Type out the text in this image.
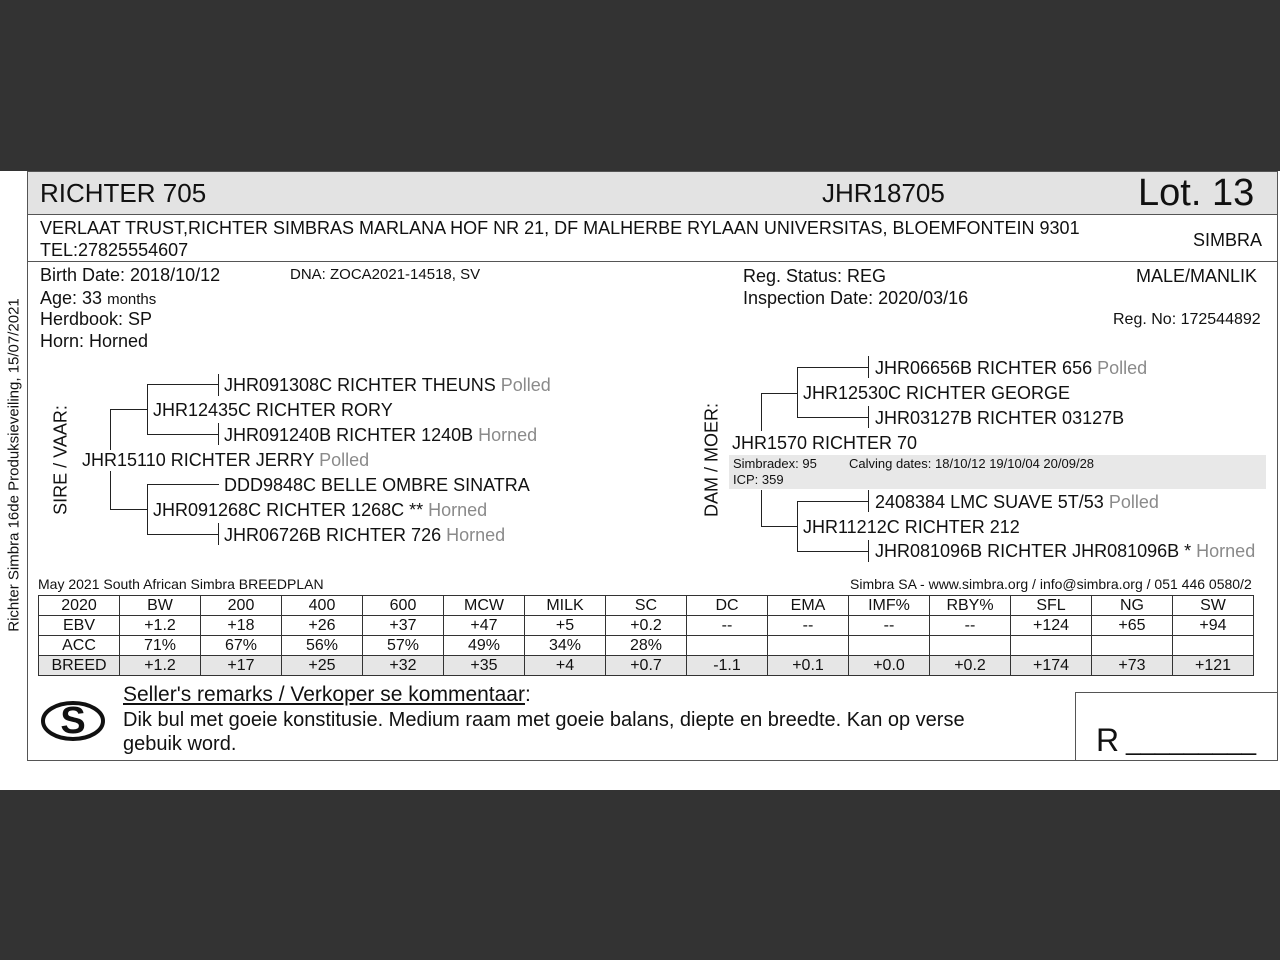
Richter Simbra 16de Produksieveiling, 15/07/2021
RICHTER 705	JHR18705	Lot. 13
VERLAAT TRUST,RICHTER SIMBRAS MARLANA HOF NR 21, DF MALHERBE RYLAAN UNIVERSITAS, BLOEMFONTEIN 9301
TEL:27825554607	SIMBRA
Birth Date: 2018/10/12	DNA: ZOCA2021-14518, SV
Age: 33 months
Herdbook: SP
Horn: Horned
Reg. Status: REG
Inspection Date: 2020/03/16
MALE/MANLIK
Reg. No: 172544892
SIRE / VAAR:
JHR091308C RICHTER THEUNS Polled
JHR12435C RICHTER RORY
JHR091240B RICHTER 1240B Horned
JHR15110 RICHTER JERRY Polled
DDD9848C BELLE OMBRE SINATRA
JHR091268C RICHTER 1268C ** Horned
JHR06726B RICHTER 726 Horned
DAM / MOER:
JHR06656B RICHTER 656 Polled
JHR12530C RICHTER GEORGE
JHR03127B RICHTER 03127B
JHR1570 RICHTER 70
Simbradex: 95 Calving dates: 18/10/12 19/10/04 20/09/28
ICP: 359
2408384 LMC SUAVE 5T/53 Polled
JHR11212C RICHTER 212
JHR081096B RICHTER JHR081096B * Horned
May 2021 South African Simbra BREEDPLAN	Simbra SA - www.simbra.org / info@simbra.org / 051 446 0580/2
2020	BW	200	400	600	MCW	MILK	SC	DC	EMA	IMF%	RBY%	SFL	NG	SW
EBV	+1.2	+18	+26	+37	+47	+5	+0.2	--	--	--	--	+124	+65	+94
ACC	71%	67%	56%	57%	49%	34%	28%							
BREED	+1.2	+17	+25	+32	+35	+4	+0.7	-1.1	+0.1	+0.0	+0.2	+174	+73	+121
S
Seller's remarks / Verkoper se kommentaar:
Dik bul met goeie konstitusie. Medium raam met goeie balans, diepte en breedte. Kan op verse
gebuik word.	R _________
